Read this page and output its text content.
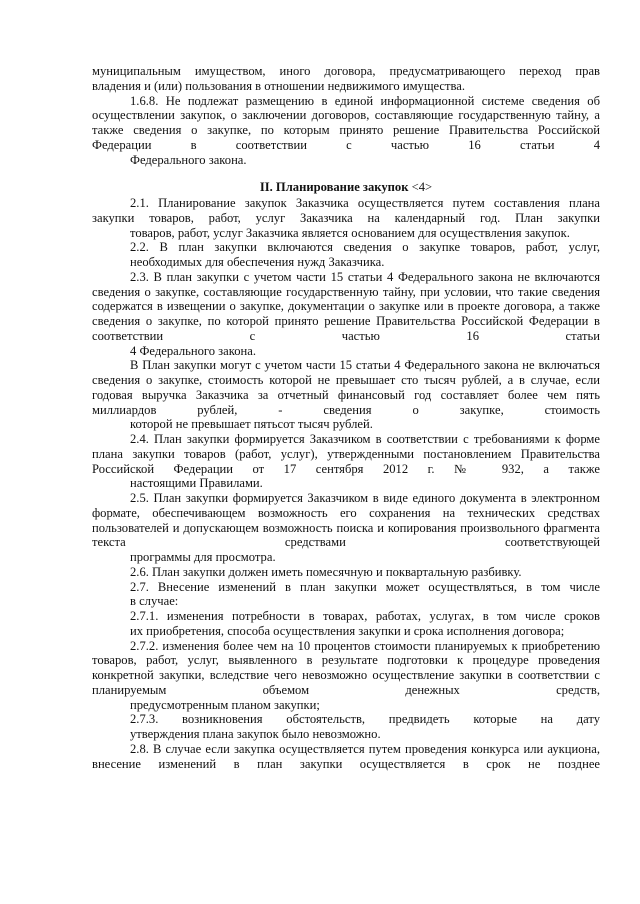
муниципальным имуществом, иного договора, предусматривающего переход прав
владения и (или) пользования в отношении недвижимого имущества.

1.6.8. Не подлежат размещению в единой информационной системе сведения об осуществлении закупок, о заключении договоров, составляющие государственную тайну, а также сведения о закупке, по которым принято решение Правительства Российской Федерации в соответствии с частью 16 статьи 4
Федерального закона.

II. Планирование закупок <4>

2.1. Планирование закупок Заказчика осуществляется путем составления плана закупки товаров, работ, услуг Заказчика на календарный год. План закупки
товаров, работ, услуг Заказчика является основанием для осуществления закупок.

2.2. В план закупки включаются сведения о закупке товаров, работ, услуг,
необходимых для обеспечения нужд Заказчика.

2.3. В план закупки с учетом части 15 статьи 4 Федерального закона не включаются сведения о закупке, составляющие государственную тайну, при условии, что такие сведения содержатся в извещении о закупке, документации о закупке или в проекте договора, а также сведения о закупке, по которой принято решение Правительства Российской Федерации в соответствии с частью 16 статьи
4 Федерального закона.

В План закупки могут с учетом части 15 статьи 4 Федерального закона не включаться сведения о закупке, стоимость которой не превышает сто тысяч рублей, а в случае, если годовая выручка Заказчика за отчетный финансовый год составляет более чем пять миллиардов рублей, - сведения о закупке, стоимость
которой не превышает пятьсот тысяч рублей.

2.4. План закупки формируется Заказчиком в соответствии с требованиями к форме плана закупки товаров (работ, услуг), утвержденными постановлением Правительства Российской Федерации от 17 сентября 2012 г. № 932, а также
настоящими Правилами.

2.5. План закупки формируется Заказчиком в виде единого документа в электронном формате, обеспечивающем возможность его сохранения на технических средствах пользователей и допускающем возможность поиска и копирования произвольного фрагмента текста средствами соответствующей
программы для просмотра.

2.6. План закупки должен иметь помесячную и поквартальную разбивку.

2.7. Внесение изменений в план закупки может осуществляться, в том числе
в случае:

2.7.1. изменения потребности в товарах, работах, услугах, в том числе сроков
их приобретения, способа осуществления закупки и срока исполнения договора;

2.7.2. изменения более чем на 10 процентов стоимости планируемых к приобретению товаров, работ, услуг, выявленного в результате подготовки к процедуре проведения конкретной закупки, вследствие чего невозможно осуществление закупки в соответствии с планируемым объемом денежных средств,
предусмотренным планом закупки;

2.7.3. возникновения обстоятельств, предвидеть которые на дату
утверждения плана закупок было невозможно.

2.8. В случае если закупка осуществляется путем проведения конкурса или аукциона, внесение изменений в план закупки осуществляется в срок не позднее
